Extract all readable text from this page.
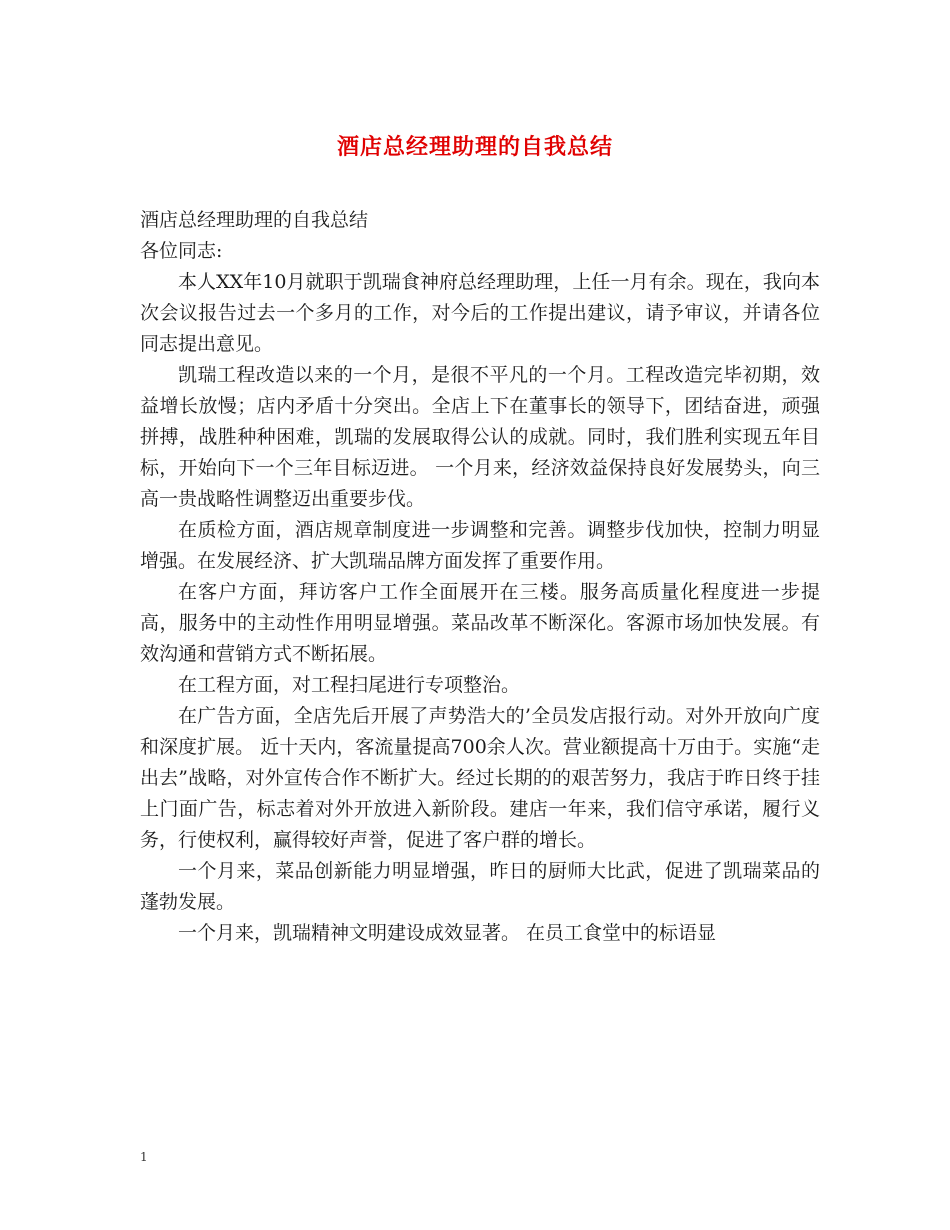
酒店总经理助理的自我总结

酒店总经理助理的自我总结

各位同志:

本人XX年10月就职于凯瑞食神府总经理助理，上任一月有余。现在，我向本次会议报告过去一个多月的工作，对今后的工作提出建议，请予审议，并请各位同志提出意见。

凯瑞工程改造以来的一个月，是很不平凡的一个月。工程改造完毕初期，效益增长放慢；店内矛盾十分突出。全店上下在董事长的领导下，团结奋进，顽强拼搏，战胜种种困难，凯瑞的发展取得公认的成就。同时，我们胜利实现五年目标，开始向下一个三年目标迈进。 一个月来，经济效益保持良好发展势头，向三高一贵战略性调整迈出重要步伐。

在质检方面，酒店规章制度进一步调整和完善。调整步伐加快，控制力明显增强。在发展经济、扩大凯瑞品牌方面发挥了重要作用。

在客户方面，拜访客户工作全面展开在三楼。服务高质量化程度进一步提高，服务中的主动性作用明显增强。菜品改革不断深化。客源市场加快发展。有效沟通和营销方式不断拓展。

在工程方面，对工程扫尾进行专项整治。

在广告方面，全店先后开展了声势浩大的’全员发店报行动。对外开放向广度和深度扩展。 近十天内，客流量提高700余人次。营业额提高十万由于。实施“走出去”战略，对外宣传合作不断扩大。经过长期的的艰苦努力，我店于昨日终于挂上门面广告，标志着对外开放进入新阶段。建店一年来，我们信守承诺，履行义务，行使权利，赢得较好声誉，促进了客户群的增长。

一个月来，菜品创新能力明显增强，昨日的厨师大比武，促进了凯瑞菜品的蓬勃发展。

一个月来，凯瑞精神文明建设成效显著。 在员工食堂中的标语显

1
